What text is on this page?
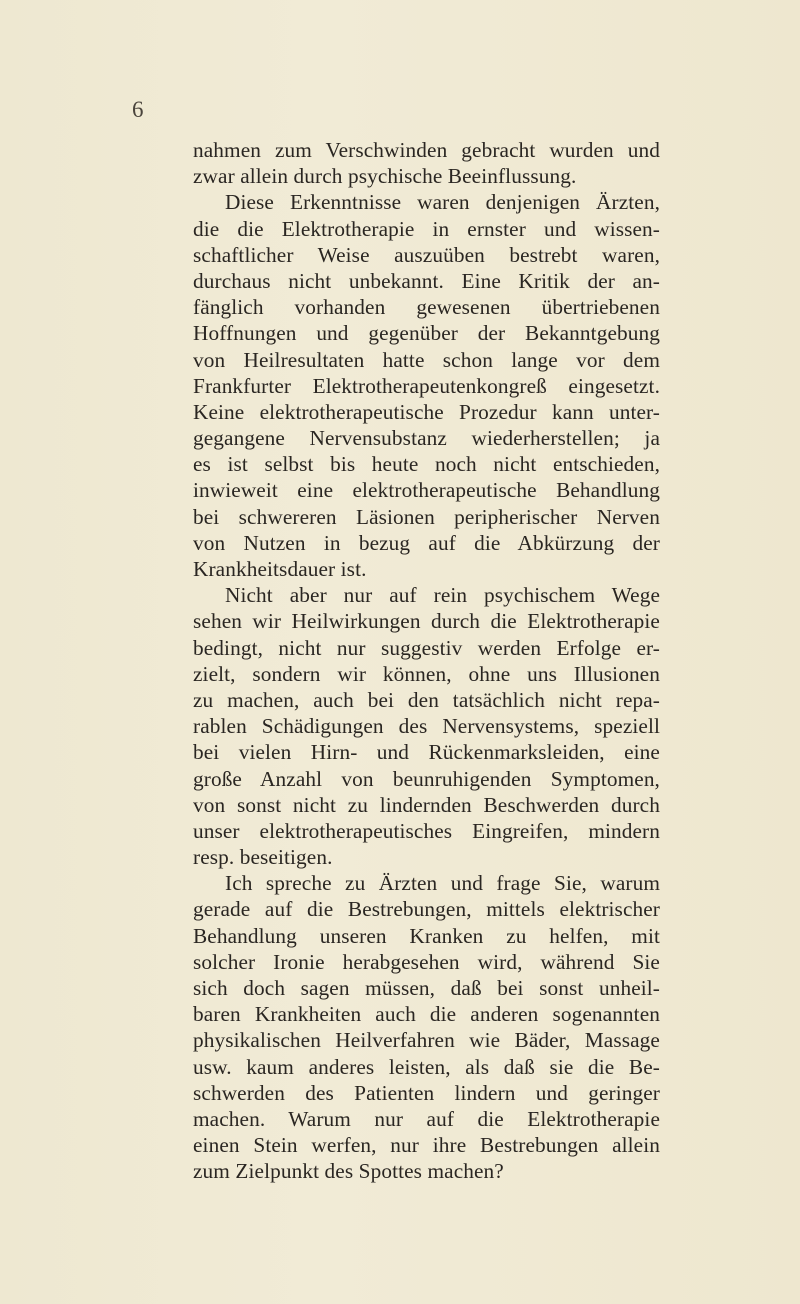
6
nahmen zum Verschwinden gebracht wurden und
zwar allein durch psychische Beeinflussung.
Diese Erkenntnisse waren denjenigen Ärzten,
die die Elektrotherapie in ernster und wissen-
schaftlicher Weise auszuüben bestrebt waren,
durchaus nicht unbekannt. Eine Kritik der an-
fänglich vorhanden gewesenen übertriebenen
Hoffnungen und gegenüber der Bekanntgebung
von Heilresultaten hatte schon lange vor dem
Frankfurter Elektrotherapeutenkongreß eingesetzt.
Keine elektrotherapeutische Prozedur kann unter-
gegangene Nervensubstanz wiederherstellen; ja
es ist selbst bis heute noch nicht entschieden,
inwieweit eine elektrotherapeutische Behandlung
bei schwereren Läsionen peripherischer Nerven
von Nutzen in bezug auf die Abkürzung der
Krankheitsdauer ist.
Nicht aber nur auf rein psychischem Wege
sehen wir Heilwirkungen durch die Elektrotherapie
bedingt, nicht nur suggestiv werden Erfolge er-
zielt, sondern wir können, ohne uns Illusionen
zu machen, auch bei den tatsächlich nicht repa-
rablen Schädigungen des Nervensystems, speziell
bei vielen Hirn- und Rückenmarksleiden, eine
große Anzahl von beunruhigenden Symptomen,
von sonst nicht zu lindernden Beschwerden durch
unser elektrotherapeutisches Eingreifen, mindern
resp. beseitigen.
Ich spreche zu Ärzten und frage Sie, warum
gerade auf die Bestrebungen, mittels elektrischer
Behandlung unseren Kranken zu helfen, mit
solcher Ironie herabgesehen wird, während Sie
sich doch sagen müssen, daß bei sonst unheil-
baren Krankheiten auch die anderen sogenannten
physikalischen Heilverfahren wie Bäder, Massage
usw. kaum anderes leisten, als daß sie die Be-
schwerden des Patienten lindern und geringer
machen. Warum nur auf die Elektrotherapie
einen Stein werfen, nur ihre Bestrebungen allein
zum Zielpunkt des Spottes machen?
